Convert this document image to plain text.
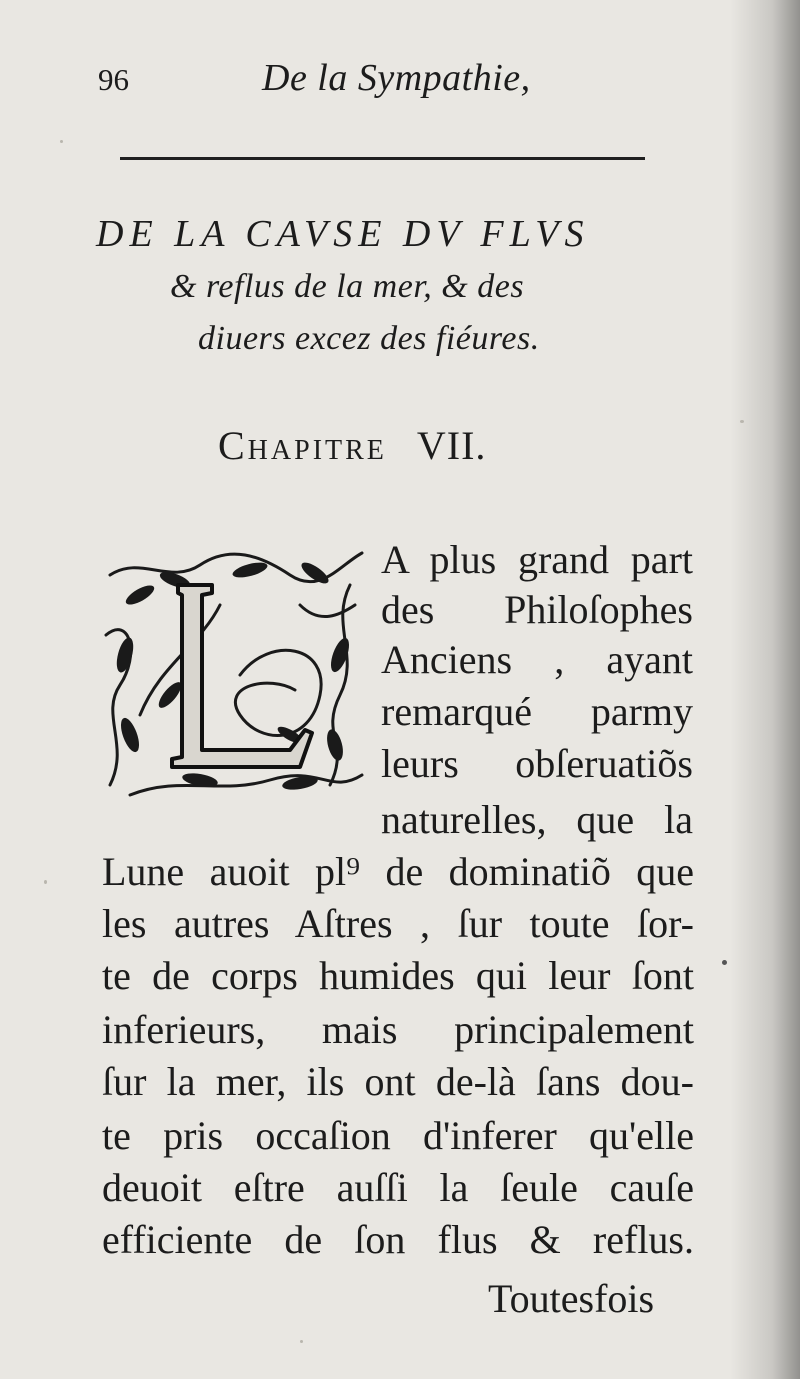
96	De la Sympathie,
DE LA CAVSE DV FLVS
& reflus de la mer, & des
diuers excez des fiéures.
Chapitre VII.
A plus grand part
des Philoſophes
Anciens , ayant
remarqué parmy
leurs obſeruatiõs
naturelles, que la
Lune auoit pl⁹ de dominatiõ que
les autres Aſtres , ſur toute ſor-
te de corps humides qui leur ſont
inferieurs, mais principalement
ſur la mer, ils ont de-là ſans dou-
te pris occaſion d'inferer qu'elle
deuoit eſtre auſſi la ſeule cauſe
efficiente de ſon flus & reflus.
Toutesfois
